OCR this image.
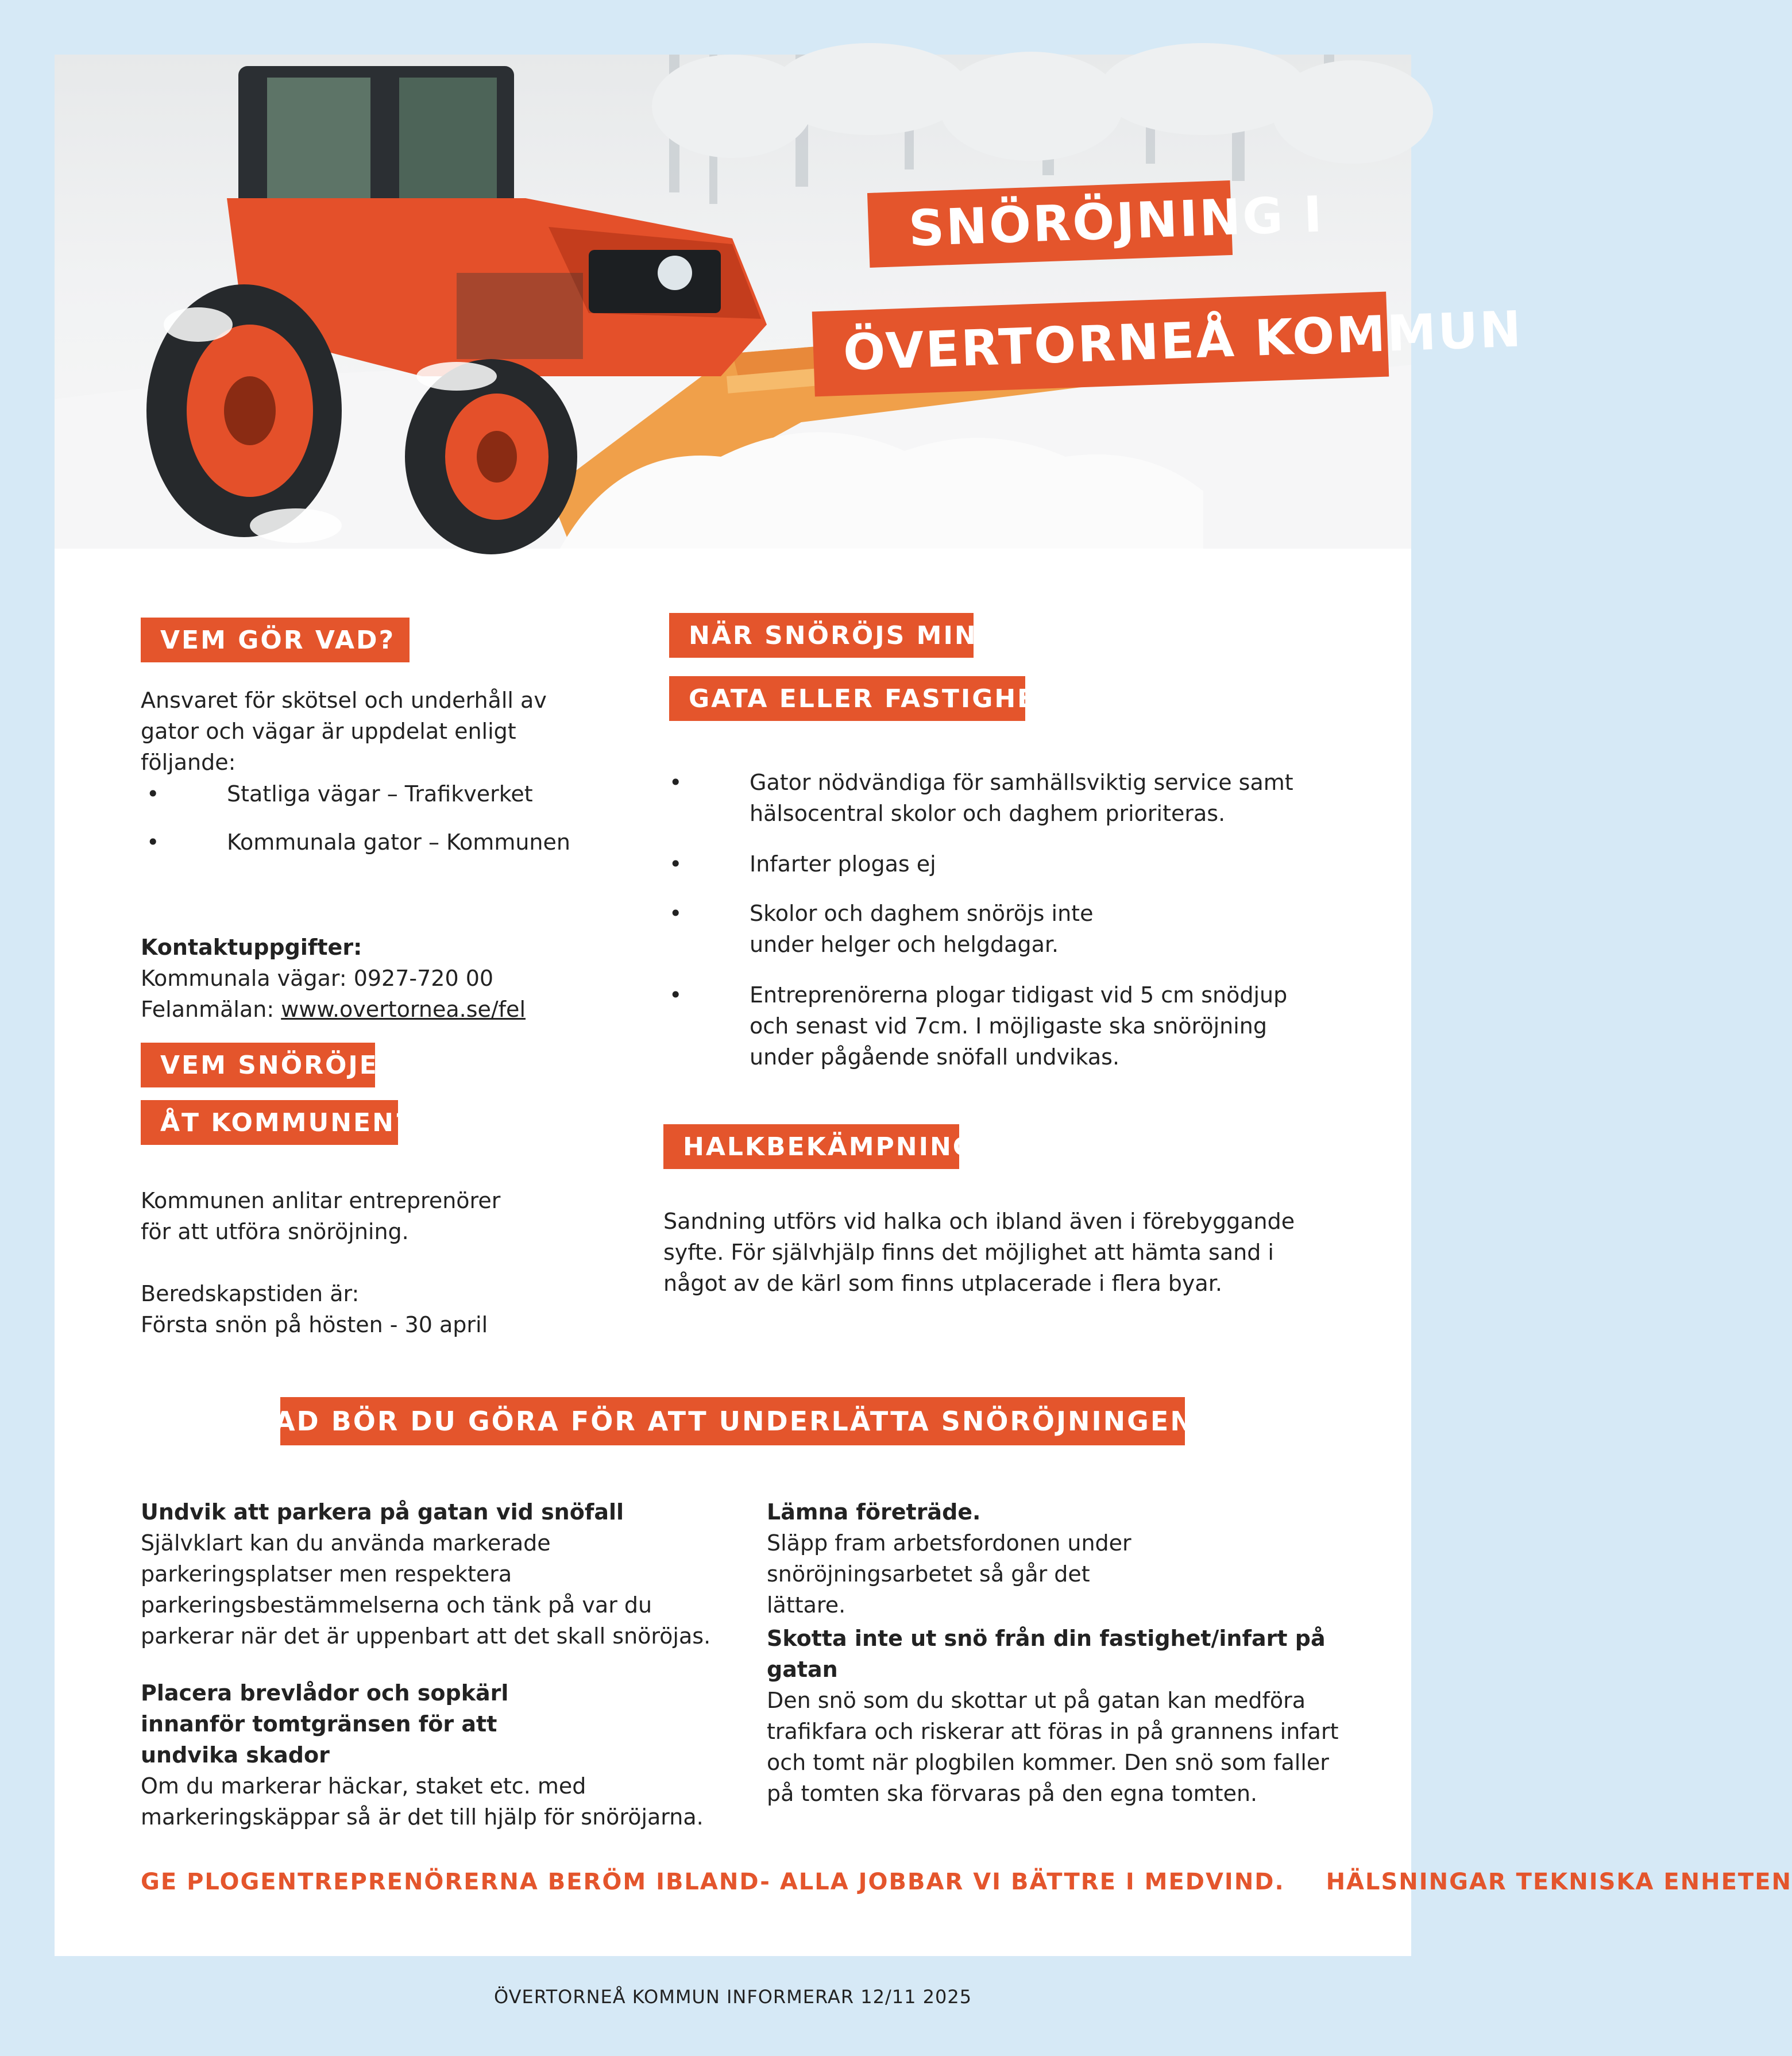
SNÖRÖJNING I
ÖVERTORNEÅ KOMMUN
VEM GÖR VAD?

Ansvaret för skötsel och underhåll av gator och vägar är uppdelat enligt följande:

•	Statliga vägar – Trafikverket
•	Kommunala gator – Kommunen

Kontaktuppgifter:

Kommunala vägar: 0927-720 00

Felanmälan: www.overtornea.se/fel

VEM SNÖRÖJER
ÅT KOMMUNEN?

Kommunen anlitar entreprenörer för att utföra snöröjning.

Beredskapstiden är:

Första snön på hösten - 30 april

NÄR SNÖRÖJS MIN
GATA ELLER FASTIGHET?
•	Gator nödvändiga för samhällsviktig service samt hälsocentral skolor och daghem prioriteras.
•	Infarter plogas ej
•	Skolor och daghem snöröjs inte under helger och helgdagar.
•	Entreprenörerna plogar tidigast vid 5 cm snödjup och senast vid 7cm. I möjligaste ska snöröjning under pågående snöfall undvikas.
HALKBEKÄMPNING

Sandning utförs vid halka och ibland även i förebyggande syfte. För självhjälp finns det möjlighet att hämta sand i något av de kärl som finns utplacerade i flera byar.

VAD BÖR DU GÖRA FÖR ATT UNDERLÄTTA SNÖRÖJNINGEN?
Undvik att parkera på gatan vid snöfall
Självklart kan du använda markerade parkeringsplatser men respektera parkeringsbestämmelserna och tänk på var du parkerar när det är uppenbart att det skall snöröjas.
Placera brevlådor och sopkärl innanför tomtgränsen för att undvika skador
Om du markerar häckar, staket etc. med markeringskäppar så är det till hjälp för snöröjarna.
Lämna företräde.
Släpp fram arbetsfordonen under snöröjningsarbetet så går det lättare.
Skotta inte ut snö från din fastighet/infart på gatan
Den snö som du skottar ut på gatan kan medföra trafikfara och riskerar att föras in på grannens infart och tomt när plogbilen kommer. Den snö som faller på tomten ska förvaras på den egna tomten.
GE PLOGENTREPRENÖRERNA BERÖM IBLAND- ALLA JOBBAR VI BÄTTRE I MEDVIND. HÄLSNINGAR TEKNISKA ENHETEN
ÖVERTORNEÅ KOMMUN INFORMERAR 12/11 2025
